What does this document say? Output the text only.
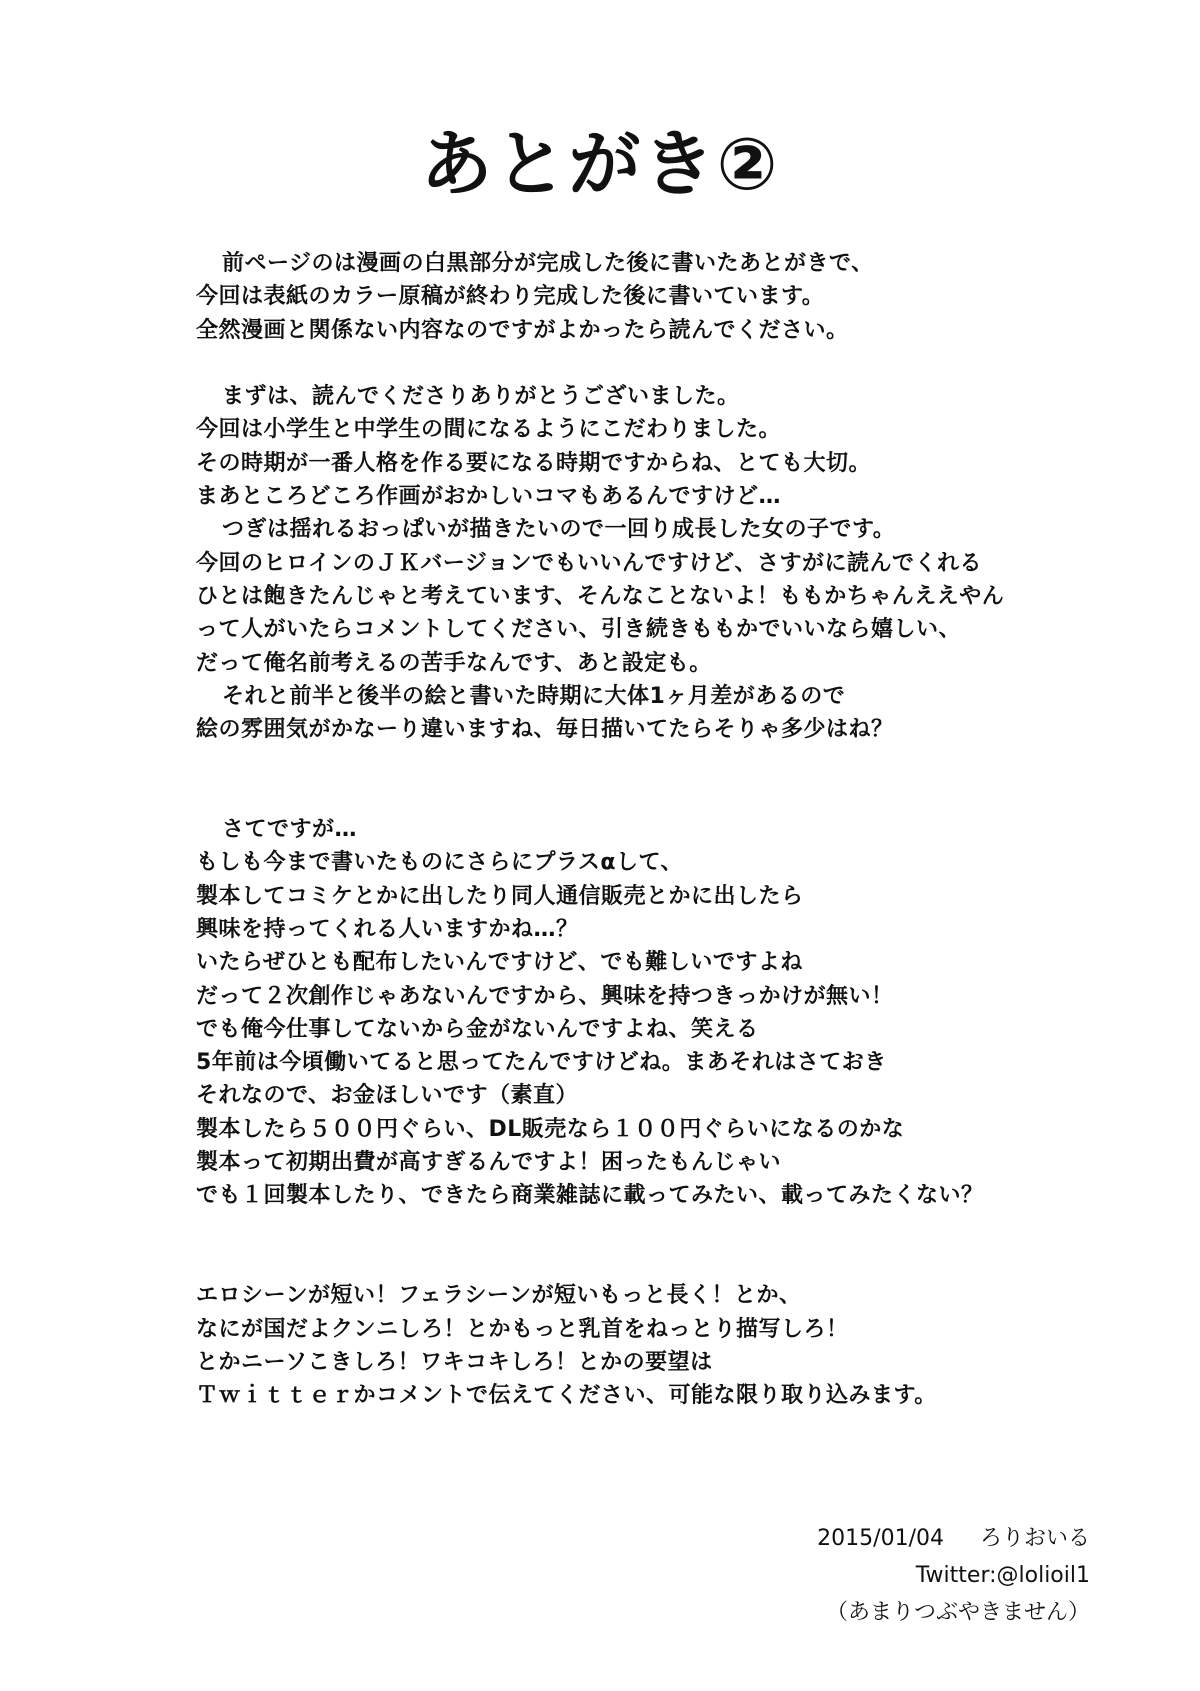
あとがき②
前ページのは漫画の白黒部分が完成した後に書いたあとがきで、
今回は表紙のカラー原稿が終わり完成した後に書いています。
全然漫画と関係ない内容なのですがよかったら読んでください。
まずは、読んでくださりありがとうございました。
今回は小学生と中学生の間になるようにこだわりました。
その時期が一番人格を作る要になる時期ですからね、とても大切。
まあところどころ作画がおかしいコマもあるんですけど…
つぎは揺れるおっぱいが描きたいので一回り成長した女の子です。
今回のヒロインのＪＫバージョンでもいいんですけど、さすがに読んでくれる
ひとは飽きたんじゃと考えています、そんなことないよ！ももかちゃんええやん
って人がいたらコメントしてください、引き続きももかでいいなら嬉しい、
だって俺名前考えるの苦手なんです、あと設定も。
それと前半と後半の絵と書いた時期に大体1ヶ月差があるので
絵の雰囲気がかなーり違いますね、毎日描いてたらそりゃ多少はね？
さてですが…
もしも今まで書いたものにさらにプラスαして、
製本してコミケとかに出したり同人通信販売とかに出したら
興味を持ってくれる人いますかね…？
いたらぜひとも配布したいんですけど、でも難しいですよね
だって２次創作じゃあないんですから、興味を持つきっかけが無い！
でも俺今仕事してないから金がないんですよね、笑える
5年前は今頃働いてると思ってたんですけどね。まあそれはさておき
それなので、お金ほしいです（素直）
製本したら５００円ぐらい、DL販売なら１００円ぐらいになるのかな
製本って初期出費が高すぎるんですよ！困ったもんじゃい
でも１回製本したり、できたら商業雑誌に載ってみたい、載ってみたくない？
エロシーンが短い！フェラシーンが短いもっと長く！とか、
なにが国だよクンニしろ！とかもっと乳首をねっとり描写しろ！
とかニーソこきしろ！ワキコキしろ！とかの要望は
Ｔｗｉｔｔｅｒかコメントで伝えてください、可能な限り取り込みます。
2015/01/04 ろりおいる
Twitter:@lolioil1
（あまりつぶやきません）
